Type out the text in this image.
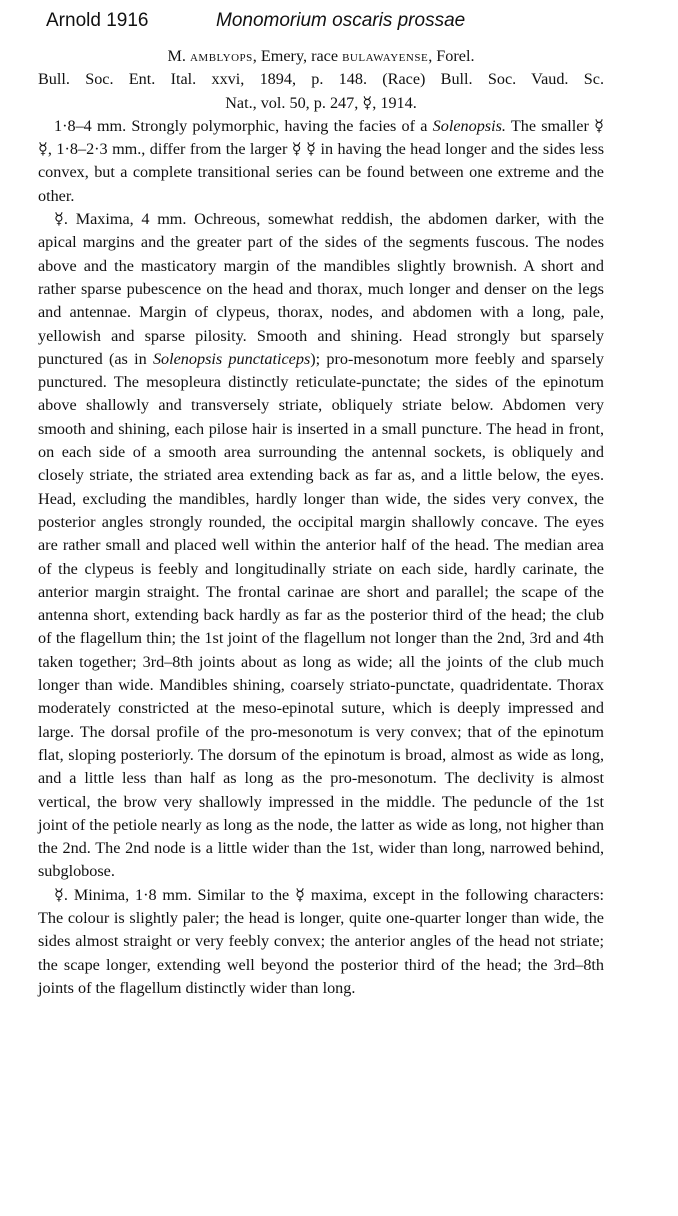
Arnold 1916	Monomorium oscaris prossae

M. amblyops, Emery, race bulawayense, Forel.

Bull. Soc. Ent. Ital. xxvi, 1894, p. 148. (Race) Bull. Soc. Vaud. Sc.

Nat., vol. 50, p. 247, ☿, 1914.

1·8–4 mm. Strongly polymorphic, having the facies of a Solenopsis. The smaller ☿ ☿, 1·8–2·3 mm., differ from the larger ☿ ☿ in having the head longer and the sides less convex, but a complete transitional series can be found between one extreme and the other.

☿. Maxima, 4 mm. Ochreous, somewhat reddish, the abdomen darker, with the apical margins and the greater part of the sides of the segments fuscous. The nodes above and the masticatory margin of the mandibles slightly brownish. A short and rather sparse pubescence on the head and thorax, much longer and denser on the legs and antennae. Margin of clypeus, thorax, nodes, and abdomen with a long, pale, yellowish and sparse pilosity. Smooth and shining. Head strongly but sparsely punctured (as in Solenopsis punctaticeps); pro-mesonotum more feebly and sparsely punctured. The mesopleura distinctly reticulate-punctate; the sides of the epinotum above shallowly and transversely striate, obliquely striate below. Abdomen very smooth and shining, each pilose hair is inserted in a small puncture. The head in front, on each side of a smooth area surrounding the antennal sockets, is obliquely and closely striate, the striated area extending back as far as, and a little below, the eyes. Head, excluding the mandibles, hardly longer than wide, the sides very convex, the posterior angles strongly rounded, the occipital margin shallowly concave. The eyes are rather small and placed well within the anterior half of the head. The median area of the clypeus is feebly and longitudinally striate on each side, hardly carinate, the anterior margin straight. The frontal carinae are short and parallel; the scape of the antenna short, extending back hardly as far as the posterior third of the head; the club of the flagellum thin; the 1st joint of the flagellum not longer than the 2nd, 3rd and 4th taken together; 3rd–8th joints about as long as wide; all the joints of the club much longer than wide. Mandibles shining, coarsely striato-punctate, quadridentate. Thorax moderately constricted at the meso-epinotal suture, which is deeply impressed and large. The dorsal profile of the pro-mesonotum is very convex; that of the epinotum flat, sloping posteriorly. The dorsum of the epinotum is broad, almost as wide as long, and a little less than half as long as the pro-mesonotum. The declivity is almost vertical, the brow very shallowly impressed in the middle. The peduncle of the 1st joint of the petiole nearly as long as the node, the latter as wide as long, not higher than the 2nd. The 2nd node is a little wider than the 1st, wider than long, narrowed behind, subglobose.

☿. Minima, 1·8 mm. Similar to the ☿ maxima, except in the following characters: The colour is slightly paler; the head is longer, quite one-quarter longer than wide, the sides almost straight or very feebly convex; the anterior angles of the head not striate; the scape longer, extending well beyond the posterior third of the head; the 3rd–8th joints of the flagellum distinctly wider than long.
